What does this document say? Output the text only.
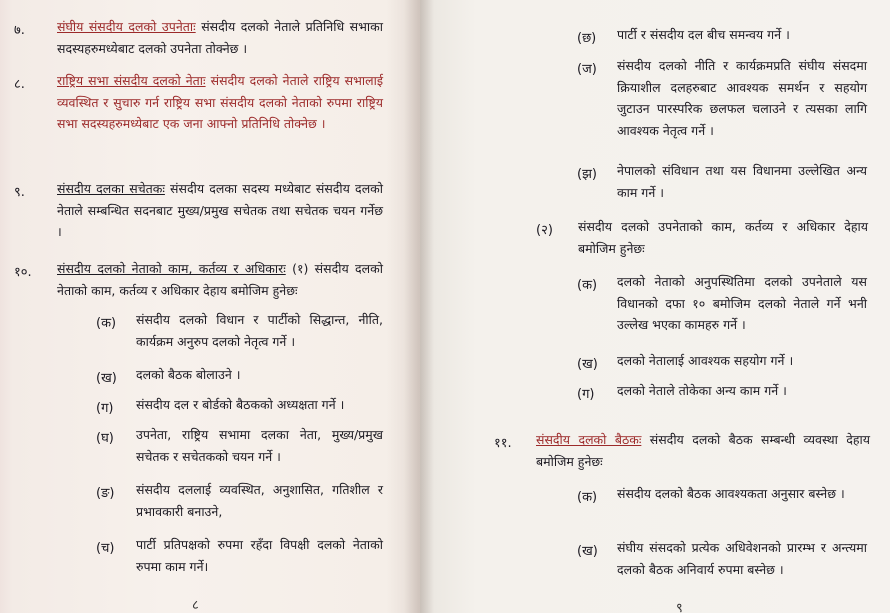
७.	संघीय संसदीय दलको उपनेताः संसदीय दलको नेताले प्रतिनिधि सभाका सदस्यहरुमध्येबाट दलको उपनेता तोक्नेछ ।
८.	राष्ट्रिय सभा संसदीय दलको नेताः संसदीय दलको नेताले राष्ट्रिय सभालाई व्यवस्थित र सुचारु गर्न राष्ट्रिय सभा संसदीय दलको नेताको रुपमा राष्ट्रिय सभा सदस्यहरुमध्येबाट एक जना आफ्नो प्रतिनिधि तोक्नेछ ।
९.	संसदीय दलका सचेतकः संसदीय दलका सदस्य मध्येबाट संसदीय दलको नेताले सम्बन्धित सदनबाट मुख्य/प्रमुख सचेतक तथा सचेतक चयन गर्नेछ ।
१०. संसदीय दलको नेताको काम, कर्तव्य र अधिकारः (१) संसदीय दलको नेताको काम, कर्तव्य र अधिकार देहाय बमोजिम हुनेछः
(क) संसदीय दलको विधान र पार्टीको सिद्धान्त, नीति, कार्यक्रम अनुरुप दलको नेतृत्व गर्ने ।
(ख) दलको बैठक बोलाउने ।
(ग) संसदीय दल र बोर्डको बैठकको अध्यक्षता गर्ने ।
(घ) उपनेता, राष्ट्रिय सभामा दलका नेता, मुख्य/प्रमुख सचेतक र सचेतकको चयन गर्ने ।
(ङ) संसदीय दललाई व्यवस्थित, अनुशासित, गतिशील र प्रभावकारी बनाउने,
(च) पार्टी प्रतिपक्षको रुपमा रहँदा विपक्षी दलको नेताको रुपमा काम गर्ने।
८
(छ) पार्टी र संसदीय दल बीच समन्वय गर्ने ।
(ज) संसदीय दलको नीति र कार्यक्रमप्रति संघीय संसदमा क्रियाशील दलहरुबाट आवश्यक समर्थन र सहयोग जुटाउन पारस्परिक छलफल चलाउने र त्यसका लागि आवश्यक नेतृत्व गर्ने ।
(झ) नेपालको संविधान तथा यस विधानमा उल्लेखित अन्य काम गर्ने ।
(२) संसदीय दलको उपनेताको काम, कर्तव्य र अधिकार देहाय बमोजिम हुनेछः
(क) दलको नेताको अनुपस्थितिमा दलको उपनेताले यस विधानको दफा १० बमोजिम दलको नेताले गर्ने भनी उल्लेख भएका कामहरु गर्ने ।
(ख) दलको नेतालाई आवश्यक सहयोग गर्ने ।
(ग) दलको नेताले तोकेका अन्य काम गर्ने ।
११. संसदीय दलको बैठकः संसदीय दलको बैठक सम्बन्धी व्यवस्था देहाय बमोजिम हुनेछः
(क) संसदीय दलको बैठक आवश्यकता अनुसार बस्नेछ ।
(ख) संघीय संसदको प्रत्येक अधिवेशनको प्रारम्भ र अन्त्यमा दलको बैठक अनिवार्य रुपमा बस्नेछ ।
९
